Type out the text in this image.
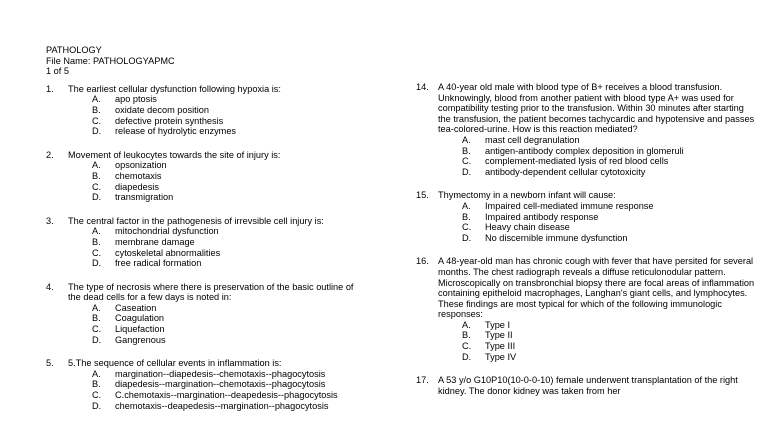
PATHOLOGY
File Name: PATHOLOGYAPMC
1 of 5
1.	The earliest cellular dysfunction following hypoxia is:
A.	apo ptosis
B.	oxidate decom position
C.	defective protein synthesis
D.	release of hydrolytic enzymes
2.	Movement of leukocytes towards the site of injury is:
A.	opsonization
B.	chemotaxis
C.	diapedesis
D.	transmigration
3.	The central factor in the pathogenesis of irrevsible cell injury is:
A.	mitochondrial dysfunction
B.	membrane damage
C.	cytoskeletal abnormalities
D.	free radical formation
4.	The type of necrosis where there is preservation of the basic outline of the dead cells for a few days is noted in:
A.	Caseation
B.	Coagulation
C.	Liquefaction
D.	Gangrenous
5.	5.The sequence of cellular events in inflammation is:
A.	margination--diapedesis--chemotaxis--phagocytosis
B.	diapedesis--margination--chemotaxis--phagocytosis
C.	C.chemotaxis--margination--deapedesis--phagocytosis
D.	chemotaxis--deapedesis--margination--phagocytosis
14.	A 40-year old male with blood type of B+ receives a blood transfusion. Unknowingly, blood from another patient with blood type A+ was used for compatibility testing prior to the transfusion. Within 30 minutes after starting the transfusion, the patient becomes tachycardic and hypotensive and passes tea-colored-urine. How is this reaction mediated?
A.	mast cell degranulation
B.	antigen-antibody complex deposition in glomeruli
C.	complement-mediated lysis of red blood cells
D.	antibody-dependent cellular cytotoxicity
15.	Thymectomy in a newborn infant will cause:
A.	Impaired cell-mediated immune response
B.	Impaired antibody response
C.	Heavy chain disease
D.	No discernible immune dysfunction
16.	A 48-year-old man has chronic cough with fever that have persited for several months. The chest radiograph reveals a diffuse reticulonodular pattern. Microscopically on transbronchial biopsy there are focal areas of inflammation containing epitheloid macrophages, Langhan's giant cells, and lymphocytes. These findings are most typical for which of the following immunologic responses:
A.	Type I
B.	Type II
C.	Type III
D.	Type IV
17.	A 53 y/o G10P10(10-0-0-10) female underwent transplantation of the right kidney. The donor kidney was taken from her
